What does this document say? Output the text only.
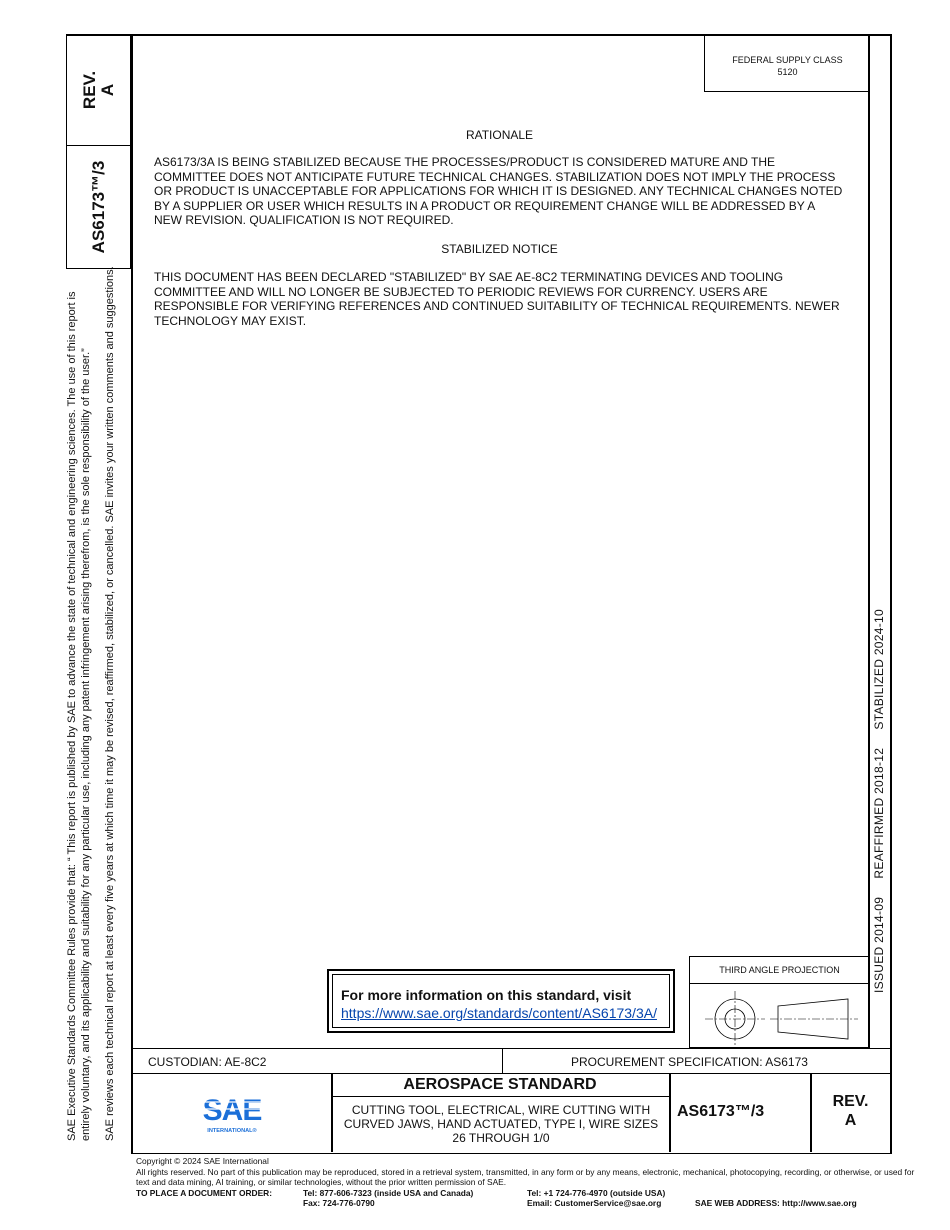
REV. A
AS6173™/3
SAE Executive Standards Committee Rules provide that: “ This report is published by SAE to advance the state of technical and engineering sciences. The use of this report is entirely voluntary, and its applicability and suitability for any particular use, including any patent infringement arising therefrom, is the sole responsibility of the user.” SAE reviews each technical report at least every five years at which time it may be revised, reaffirmed, stabilized, or cancelled. SAE invites your written comments and suggestions.
FEDERAL SUPPLY CLASS
5120
RATIONALE
AS6173/3A IS BEING STABILIZED BECAUSE THE PROCESSES/PRODUCT IS CONSIDERED MATURE AND THE COMMITTEE DOES NOT ANTICIPATE FUTURE TECHNICAL CHANGES. STABILIZATION DOES NOT IMPLY THE PROCESS OR PRODUCT IS UNACCEPTABLE FOR APPLICATIONS FOR WHICH IT IS DESIGNED. ANY TECHNICAL CHANGES NOTED BY A SUPPLIER OR USER WHICH RESULTS IN A PRODUCT OR REQUIREMENT CHANGE WILL BE ADDRESSED BY A NEW REVISION. QUALIFICATION IS NOT REQUIRED.
STABILIZED NOTICE
THIS DOCUMENT HAS BEEN DECLARED "STABILIZED" BY SAE AE-8C2 TERMINATING DEVICES AND TOOLING COMMITTEE AND WILL NO LONGER BE SUBJECTED TO PERIODIC REVIEWS FOR CURRENCY. USERS ARE RESPONSIBLE FOR VERIFYING REFERENCES AND CONTINUED SUITABILITY OF TECHNICAL REQUIREMENTS. NEWER TECHNOLOGY MAY EXIST.
ISSUED 2014-09     REAFFIRMED 2018-12     STABILIZED 2024-10
For more information on this standard, visit
https://www.sae.org/standards/content/AS6173/3A/
THIRD ANGLE PROJECTION
CUSTODIAN: AE-8C2	PROCUREMENT SPECIFICATION: AS6173
SAE
INTERNATIONAL®
AEROSPACE STANDARD
CUTTING TOOL, ELECTRICAL, WIRE CUTTING WITH CURVED JAWS, HAND ACTUATED, TYPE I, WIRE SIZES 26 THROUGH 1/0
AS6173™/3
REV.
A
Copyright © 2024 SAE International
All rights reserved. No part of this publication may be reproduced, stored in a retrieval system, transmitted, in any form or by any means, electronic, mechanical, photocopying, recording, or otherwise, or used for text and data mining, AI training, or similar technologies, without the prior written permission of SAE.
TO PLACE A DOCUMENT ORDER:	Tel: 877-606-7323 (inside USA and Canada)	Tel: +1 724-776-4970 (outside USA)
Fax: 724-776-0790	Email: CustomerService@sae.org	SAE WEB ADDRESS: http://www.sae.org
